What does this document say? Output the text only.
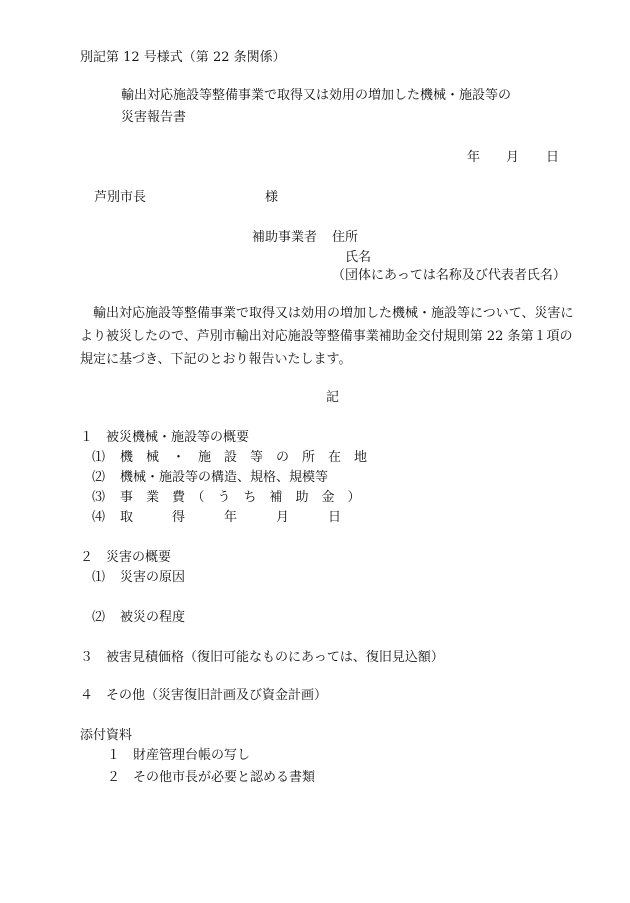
別記第 12 号様式（第 22 条関係）
輸出対応施設等整備事業で取得又は効用の増加した機械・施設等の
災害報告書
年 月 日
芦別市長	様
補助事業者 住所
氏名
（団体にあっては名称及び代表者氏名）
輸出対応施設等整備事業で取得又は効用の増加した機械・施設等について、災害に
より被災したので、芦別市輸出対応施設等整備事業補助金交付規則第 22 条第１項の
規定に基づき、下記のとおり報告いたします。
記
１　被災機械・施設等の概要
⑴ 機　械　・　施　設　等　の　所　在　地
⑵ 機械・施設等の構造、規格、規模等
⑶ 事　業　費　（　う　ち　補　助　金　）
⑷ 取　　　得　　　年　　　月　　　日
２　災害の概要
⑴ 災害の原因
⑵ 被災の程度
３　被害見積価格（復旧可能なものにあっては、復旧見込額）
４　その他（災害復旧計画及び資金計画）
添付資料
１　財産管理台帳の写し
２　その他市長が必要と認める書類
